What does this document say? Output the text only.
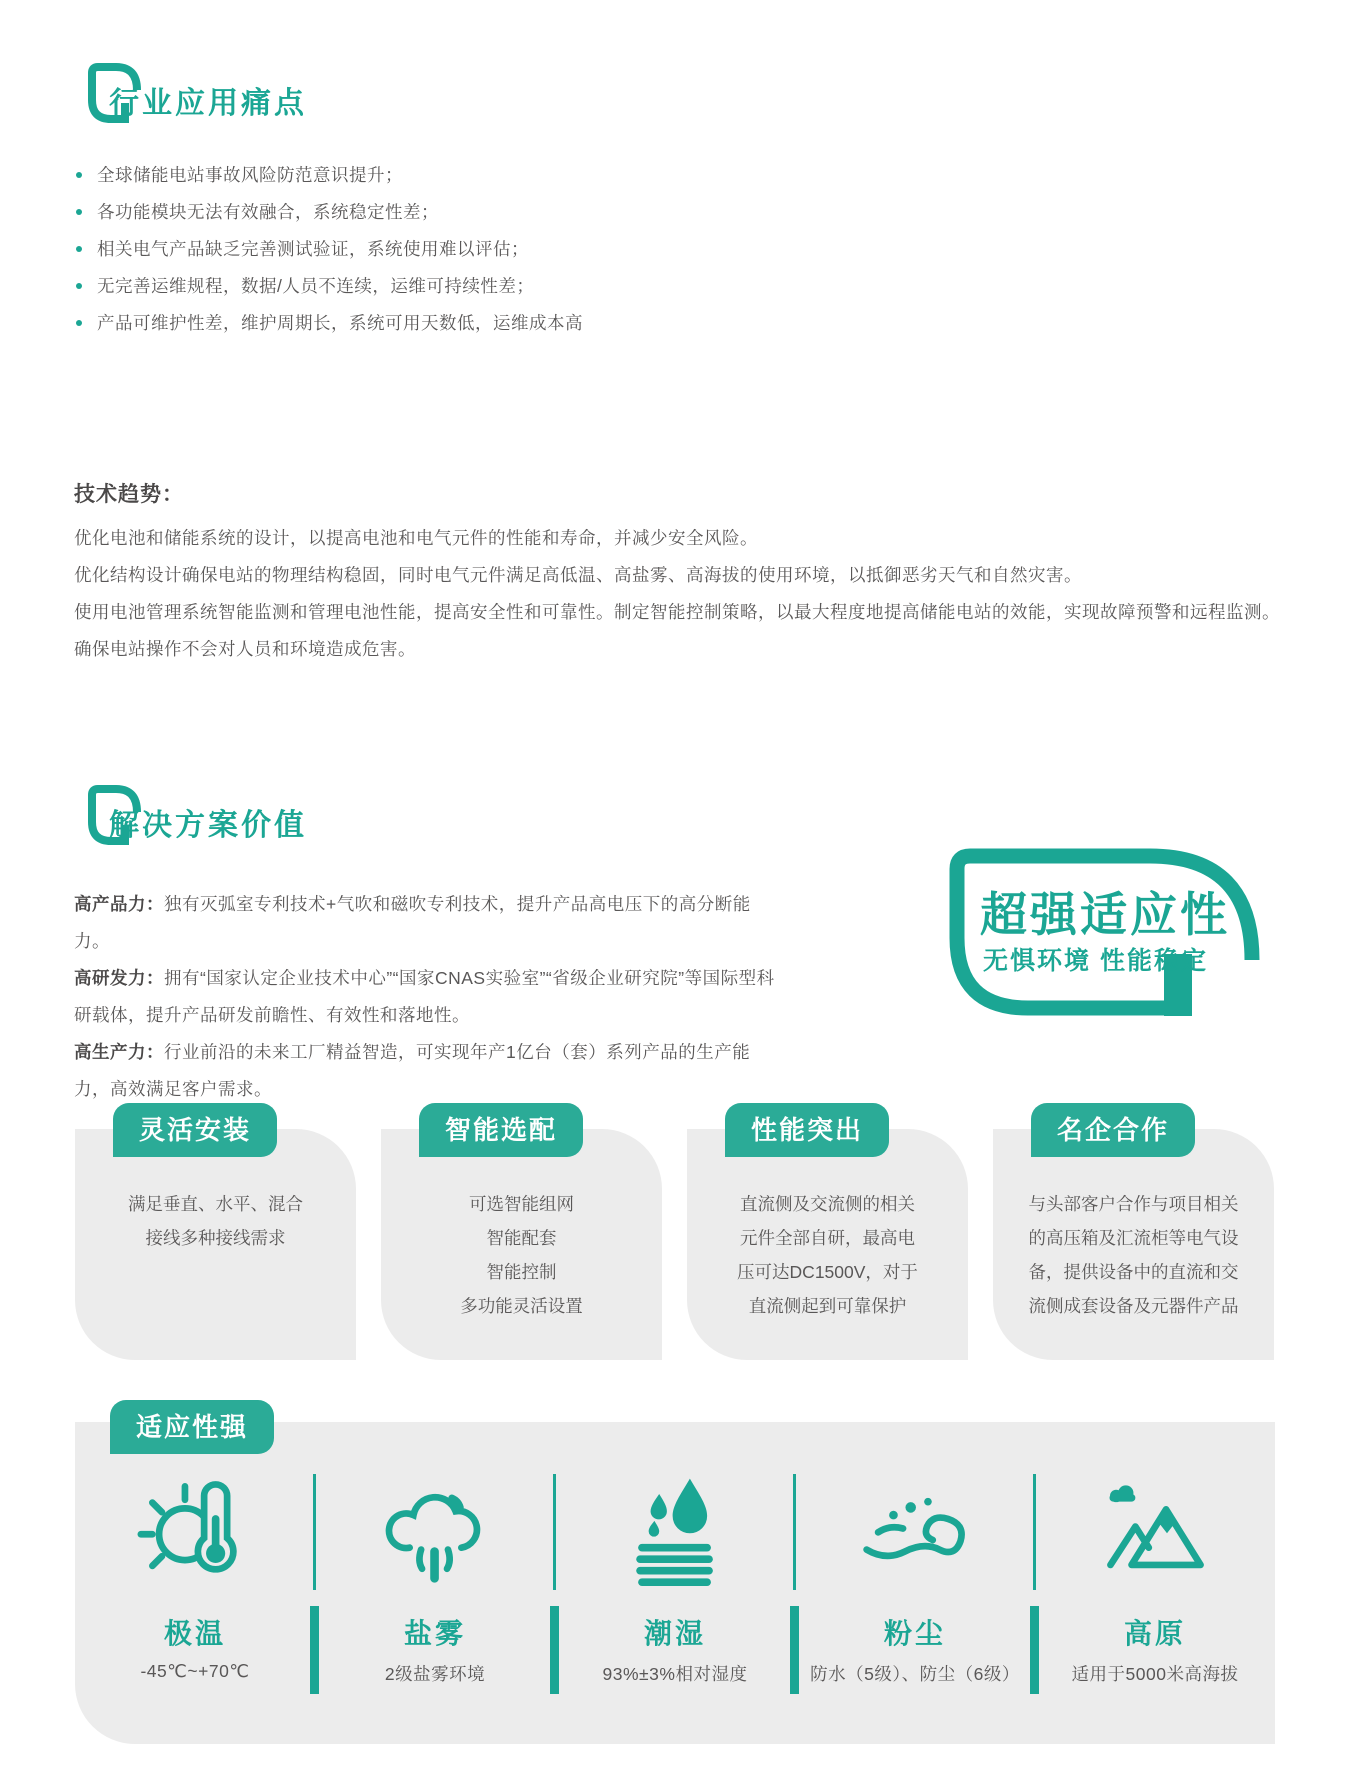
行业应用痛点
全球储能电站事故风险防范意识提升；
各功能模块无法有效融合，系统稳定性差；
相关电气产品缺乏完善测试验证，系统使用难以评估；
无完善运维规程，数据/人员不连续，运维可持续性差；
产品可维护性差，维护周期长，系统可用天数低，运维成本高
技术趋势：

优化电池和储能系统的设计，以提高电池和电气元件的性能和寿命，并减少安全风险。

优化结构设计确保电站的物理结构稳固，同时电气元件满足高低温、高盐雾、高海拔的使用环境，以抵御恶劣天气和自然灾害。

使用电池管理系统智能监测和管理电池性能，提高安全性和可靠性。制定智能控制策略，以最大程度地提高储能电站的效能，实现故障预警和远程监测。确保电站操作不会对人员和环境造成危害。

解决方案价值

高产品力：独有灭弧室专利技术+气吹和磁吹专利技术，提升产品高电压下的高分断能力。

高研发力：拥有“国家认定企业技术中心”“国家CNAS实验室”“省级企业研究院”等国际型科研载体，提升产品研发前瞻性、有效性和落地性。

高生产力：行业前沿的未来工厂精益智造，可实现年产1亿台（套）系列产品的生产能力，高效满足客户需求。

超强适应性
无惧环境 性能稳定
灵活安装
满足垂直、水平、混合
接线多种接线需求
智能选配
可选智能组网
智能配套
智能控制
多功能灵活设置
性能突出
直流侧及交流侧的相关
元件全部自研，最高电
压可达DC1500V，对于
直流侧起到可靠保护
名企合作
与头部客户合作与项目相关
的高压箱及汇流柜等电气设
备，提供设备中的直流和交
流侧成套设备及元器件产品
适应性强
极温
-45℃~+70℃
盐雾
2级盐雾环境
潮湿
93%±3%相对湿度
粉尘
防水（5级）、防尘（6级）
高原
适用于5000米高海拔
